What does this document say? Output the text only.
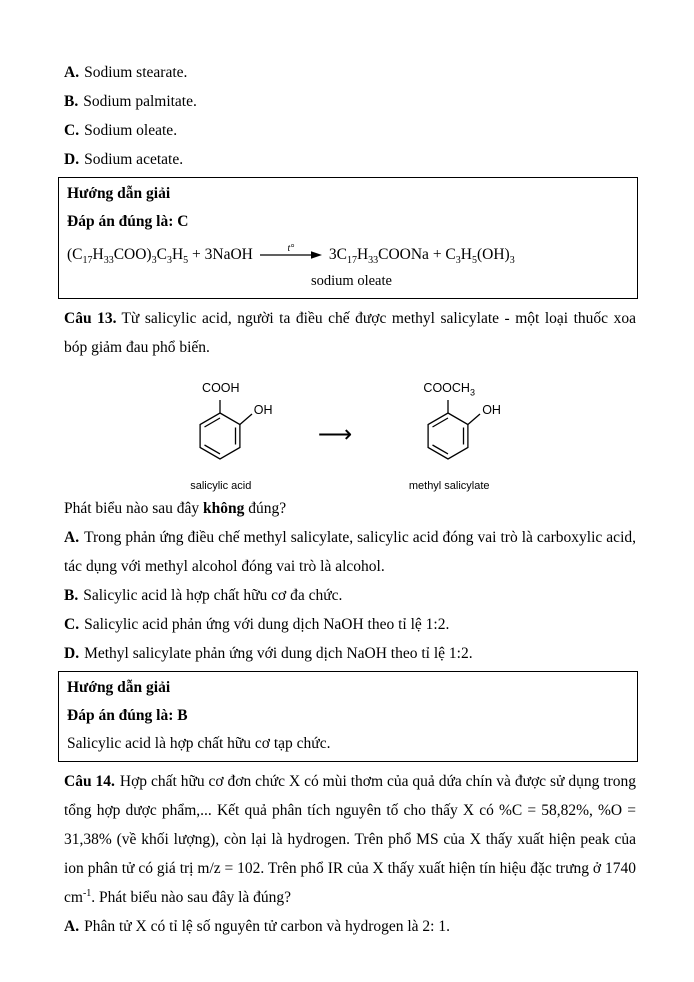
A. Sodium stearate.

B. Sodium palmitate.

C. Sodium oleate.

D. Sodium acetate.

Hướng dẫn giải

Đáp án đúng là: C

$(C_{17}H_{33}COO)_3C_3H_5$ + 3NaOH	t° $3C_{17}H_{33}COONa + C_3H_5(OH)_3$

sodium oleate

Câu 13. Từ salicylic acid, người ta điều chế được methyl salicylate - một loại thuốc xoa bóp giảm đau phổ biến.

COOH
OH
salicylic acid
⟶
$COOCH_3$
OH
methyl salicylate

Phát biểu nào sau đây không đúng?

A. Trong phản ứng điều chế methyl salicylate, salicylic acid đóng vai trò là carboxylic acid, tác dụng với methyl alcohol đóng vai trò là alcohol.

B. Salicylic acid là hợp chất hữu cơ đa chức.

C. Salicylic acid phản ứng với dung dịch NaOH theo tỉ lệ 1:2.

D. Methyl salicylate phản ứng với dung dịch NaOH theo tỉ lệ 1:2.

Hướng dẫn giải

Đáp án đúng là: B

Salicylic acid là hợp chất hữu cơ tạp chức.

Câu 14. Hợp chất hữu cơ đơn chức X có mùi thơm của quả dứa chín và được sử dụng trong tổng hợp dược phẩm,... Kết quả phân tích nguyên tố cho thấy X có %C = 58,82%, %O = 31,38% (về khối lượng), còn lại là hydrogen. Trên phổ MS của X thấy xuất hiện peak của ion phân tử có giá trị m/z = 102. Trên phổ IR của X thấy xuất hiện tín hiệu đặc trưng ở 1740 $cm^{-1}$. Phát biểu nào sau đây là đúng?

A. Phân tử X có tỉ lệ số nguyên tử carbon và hydrogen là 2: 1.
